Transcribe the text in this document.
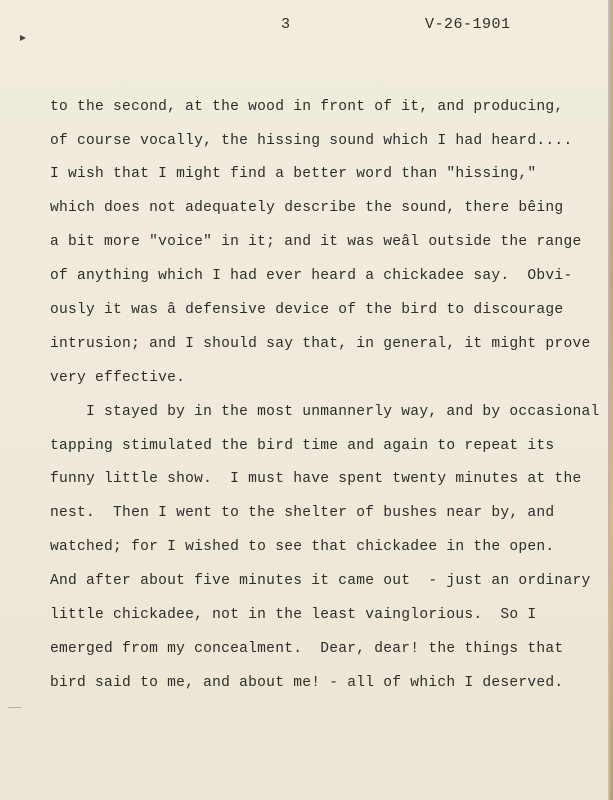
3	V-26-1901
to the second, at the wood in front of it, and producing,
of course vocally, the hissing sound which I had heard....
I wish that I might find a better word than "hissing,"
which does not adequately describe the sound, there bêing
a bit more "voice" in it; and it was weâl outside the range
of anything which I had ever heard a chickadee say.  Obvi-
ously it was â defensive device of the bird to discourage
intrusion; and I should say that, in general, it might prove
very effective.
I stayed by in the most unmannerly way, and by occasional
tapping stimulated the bird time and again to repeat its
funny little show.  I must have spent twenty minutes at the
nest.  Then I went to the shelter of bushes near by, and
watched; for I wished to see that chickadee in the open.
And after about five minutes it came out  - just an ordinary
little chickadee, not in the least vainglorious.  So I
emerged from my concealment.  Dear, dear! the things that
bird said to me, and about me! - all of which I deserved.
